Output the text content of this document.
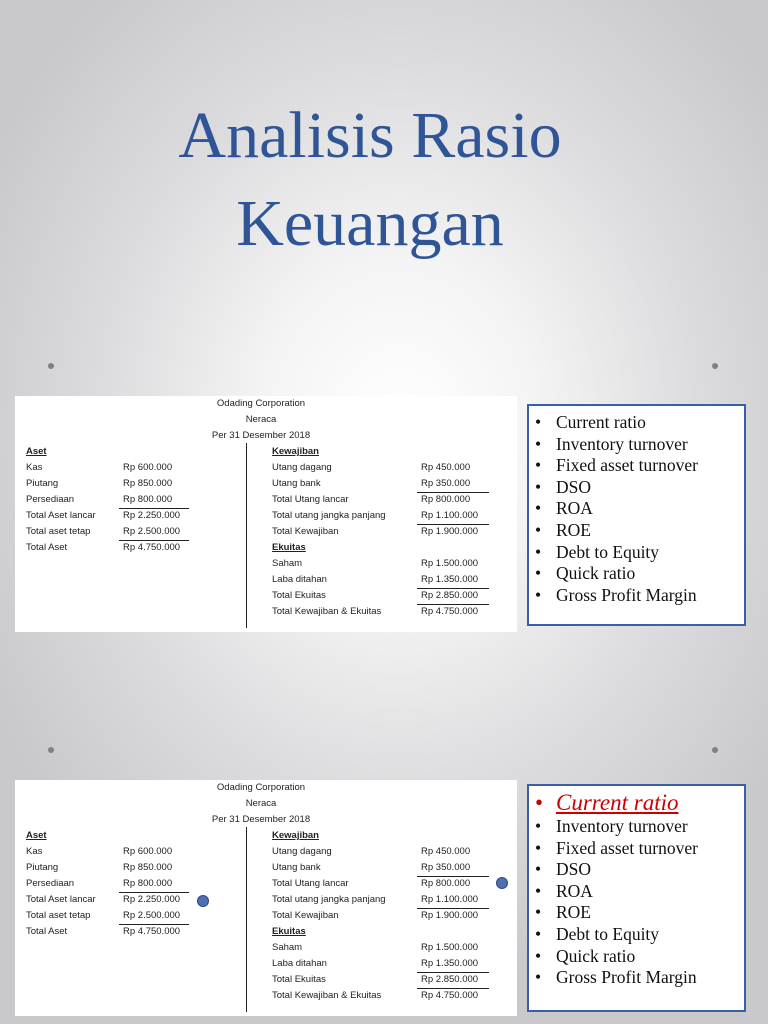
Analisis Rasio
Keuangan
Odading Corporation
Neraca
Per 31 Desember 2018
Aset
Kas	Rp 600.000
Piutang	Rp 850.000
Persediaan	Rp 800.000
Total Aset lancar	Rp 2.250.000
Total aset tetap	Rp 2.500.000
Total Aset	Rp 4.750.000
Kewajiban
Utang dagang	Rp 450.000
Utang bank	Rp 350.000
Total Utang lancar	Rp 800.000
Total utang jangka panjang	Rp 1.100.000
Total Kewajiban	Rp 1.900.000
Ekuitas
Saham	Rp 1.500.000
Laba ditahan	Rp 1.350.000
Total Ekuitas	Rp 2.850.000
Total Kewajiban & Ekuitas	Rp 4.750.000
• Current ratio
• Inventory turnover
• Fixed asset turnover
• DSO
• ROA
• ROE
• Debt to Equity
• Quick ratio
• Gross Profit Margin
Odading Corporation
Neraca
Per 31 Desember 2018
Aset
Kas	Rp 600.000
Piutang	Rp 850.000
Persediaan	Rp 800.000
Total Aset lancar	Rp 2.250.000
Total aset tetap	Rp 2.500.000
Total Aset	Rp 4.750.000
Kewajiban
Utang dagang	Rp 450.000
Utang bank	Rp 350.000
Total Utang lancar	Rp 800.000
Total utang jangka panjang	Rp 1.100.000
Total Kewajiban	Rp 1.900.000
Ekuitas
Saham	Rp 1.500.000
Laba ditahan	Rp 1.350.000
Total Ekuitas	Rp 2.850.000
Total Kewajiban & Ekuitas	Rp 4.750.000
• Current ratio
• Inventory turnover
• Fixed asset turnover
• DSO
• ROA
• ROE
• Debt to Equity
• Quick ratio
• Gross Profit Margin
